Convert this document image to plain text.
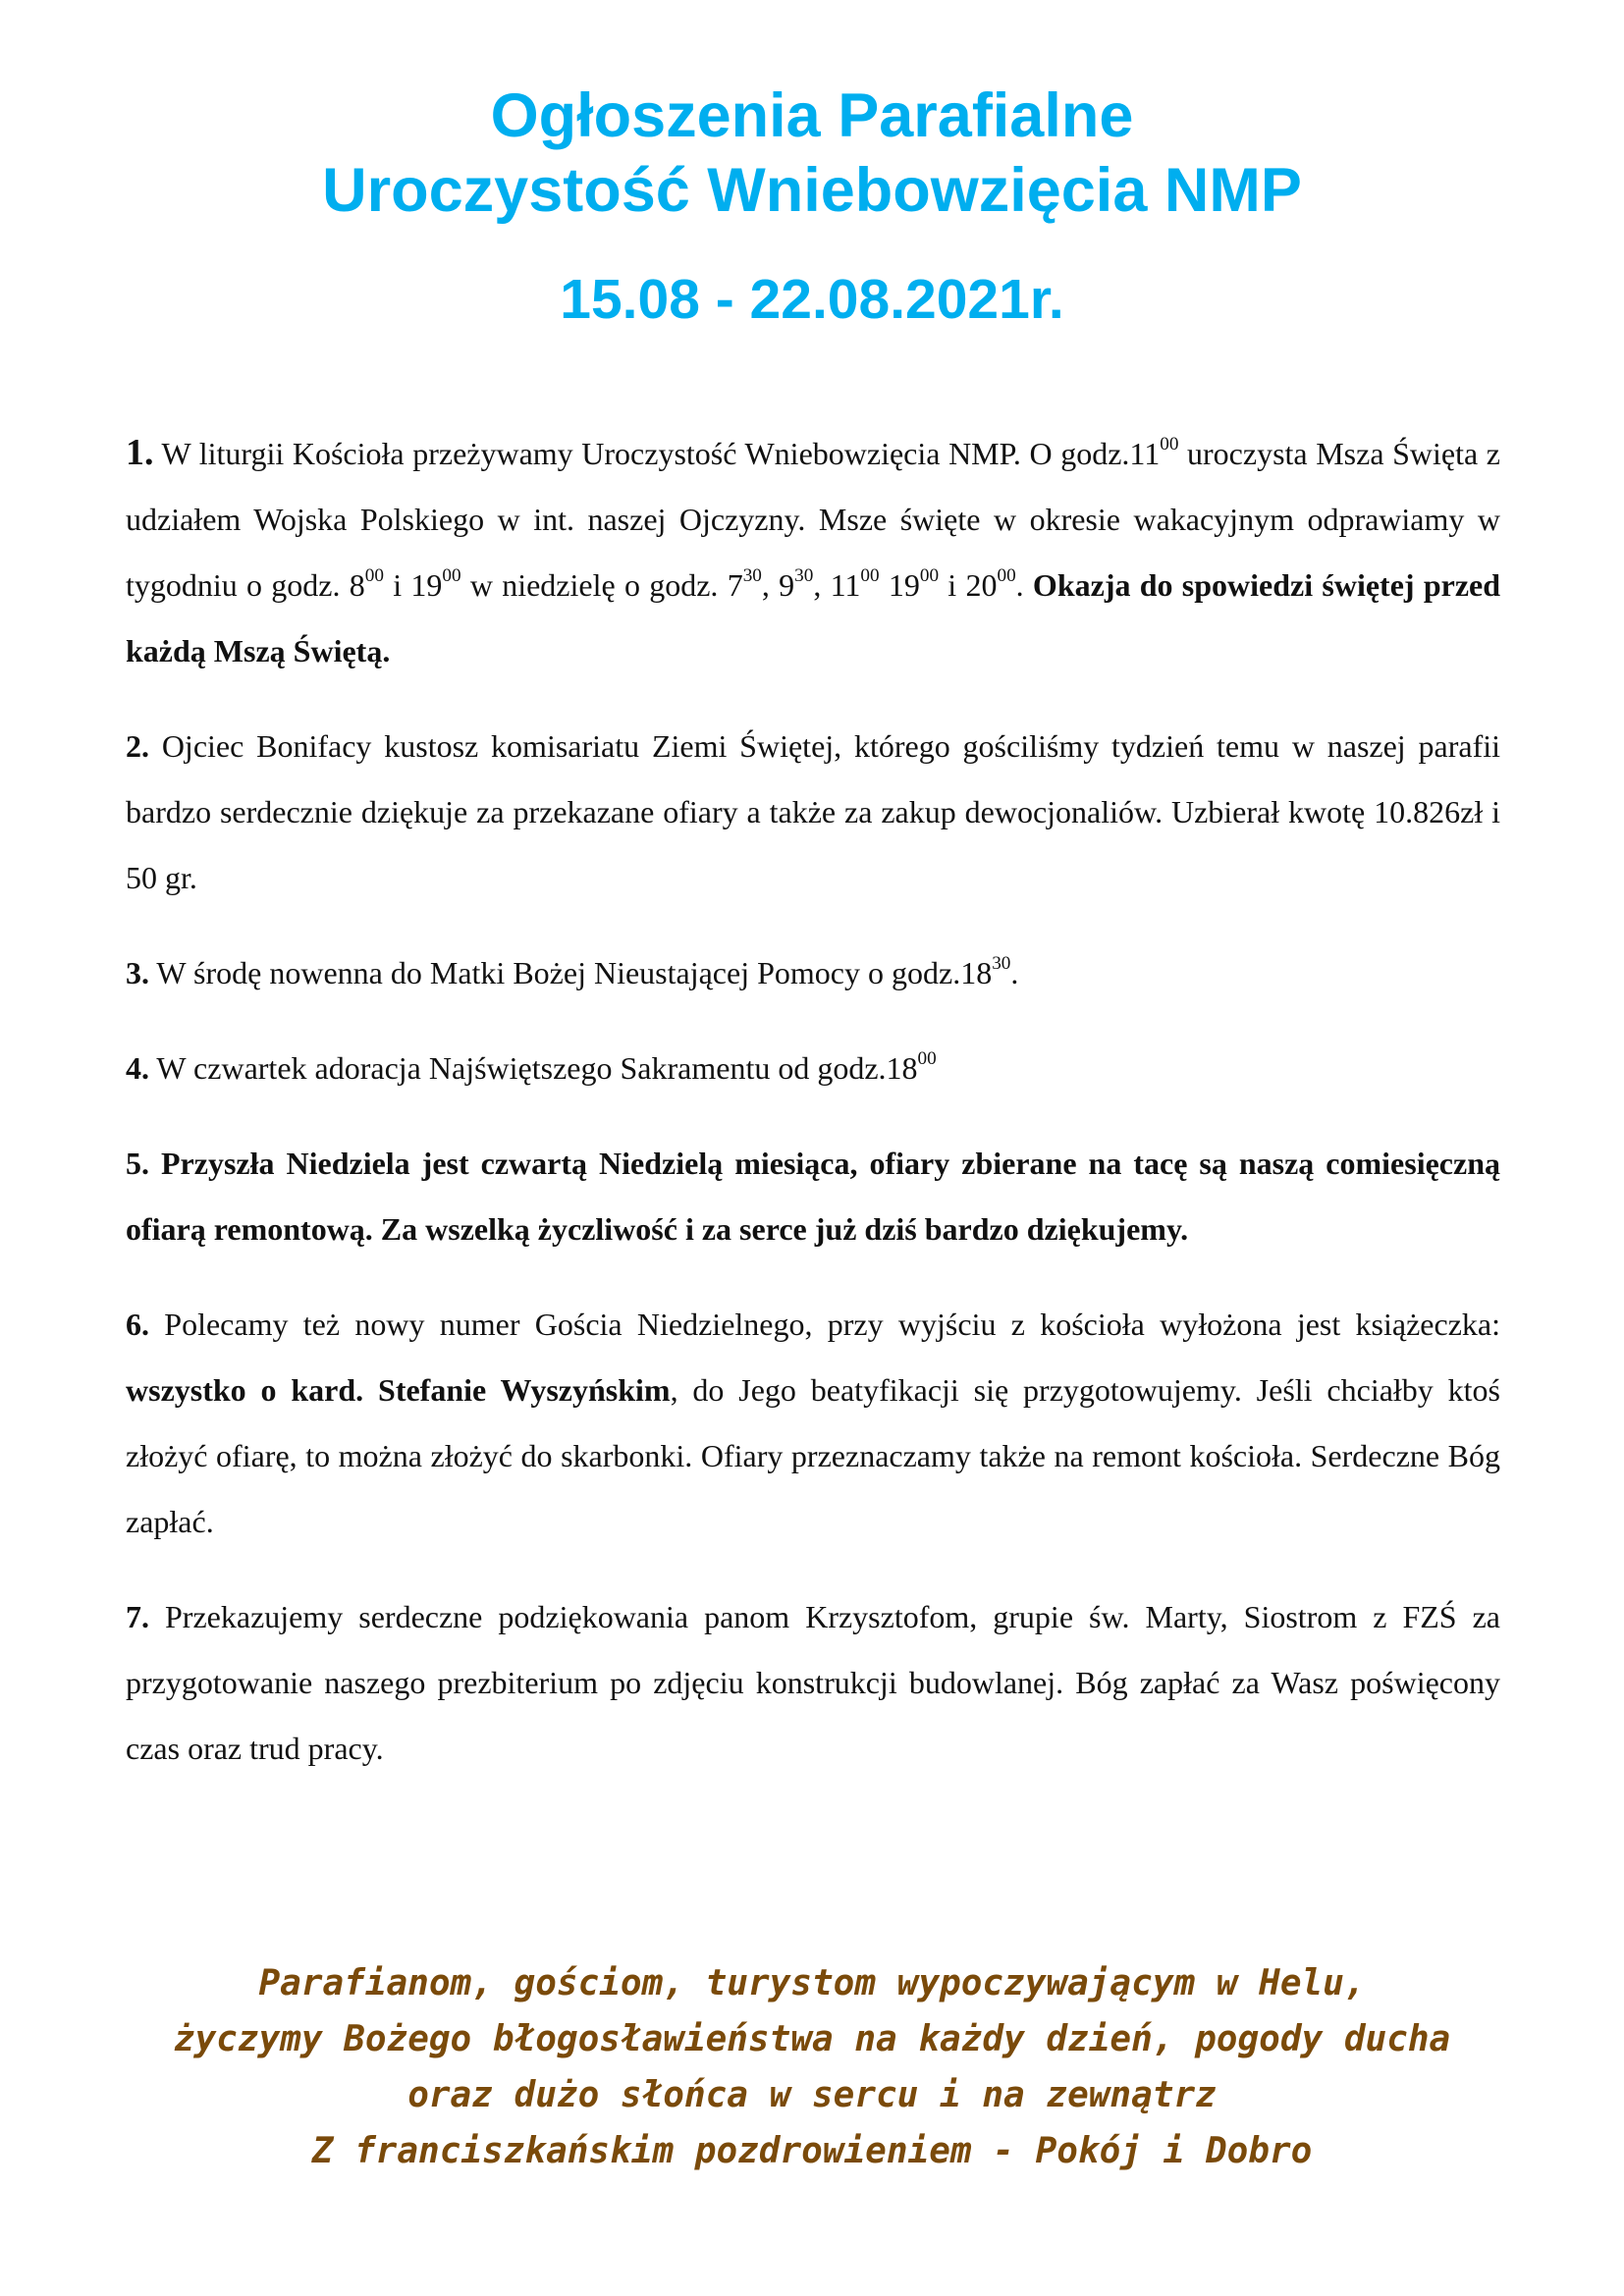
Ogłoszenia Parafialne
Uroczystość Wniebowzięcia NMP
15.08 - 22.08.2021r.

1. W liturgii Kościoła przeżywamy Uroczystość Wniebowzięcia NMP. O $godz.11^{00}$ uroczysta Msza Święta z udziałem Wojska Polskiego w int. naszej Ojczyzny. Msze święte w okresie wakacyjnym odprawiamy w tygodniu o godz. $8^{00}$ i $19^{00}$ w niedzielę o godz. $7^{30}$, $9^{30}$, $11^{00}$ $19^{00}$ i $20^{00}$. Okazja do spowiedzi świętej przed każdą Mszą Świętą.

2. Ojciec Bonifacy kustosz komisariatu Ziemi Świętej, którego gościliśmy tydzień temu w naszej parafii bardzo serdecznie dziękuje za przekazane ofiary a także za zakup dewocjonaliów. Uzbierał kwotę 10.826zł i 50 gr.

3. W środę nowenna do Matki Bożej Nieustającej Pomocy o $godz.18^{30}$.

4. W czwartek adoracja Najświętszego Sakramentu od $godz.18^{00}$

5. Przyszła Niedziela jest czwartą Niedzielą miesiąca, ofiary zbierane na tacę są naszą comiesięczną ofiarą remontową. Za wszelką życzliwość i za serce już dziś bardzo dziękujemy.

6. Polecamy też nowy numer Gościa Niedzielnego, przy wyjściu z kościoła wyłożona jest książeczka: wszystko o kard. Stefanie Wyszyńskim, do Jego beatyfikacji się przygotowujemy. Jeśli chciałby ktoś złożyć ofiarę, to można złożyć do skarbonki. Ofiary przeznaczamy także na remont kościoła. Serdeczne Bóg zapłać.

7. Przekazujemy serdeczne podziękowania panom Krzysztofom, grupie św. Marty, Siostrom z FZŚ za przygotowanie naszego prezbiterium po zdjęciu konstrukcji budowlanej. Bóg zapłać za Wasz poświęcony czas oraz trud pracy.

Parafianom, gościom, turystom wypoczywającym w Helu,
życzymy Bożego błogosławieństwa na każdy dzień, pogody ducha
oraz dużo słońca w sercu i na zewnątrz
Z franciszkańskim pozdrowieniem - Pokój i Dobro
